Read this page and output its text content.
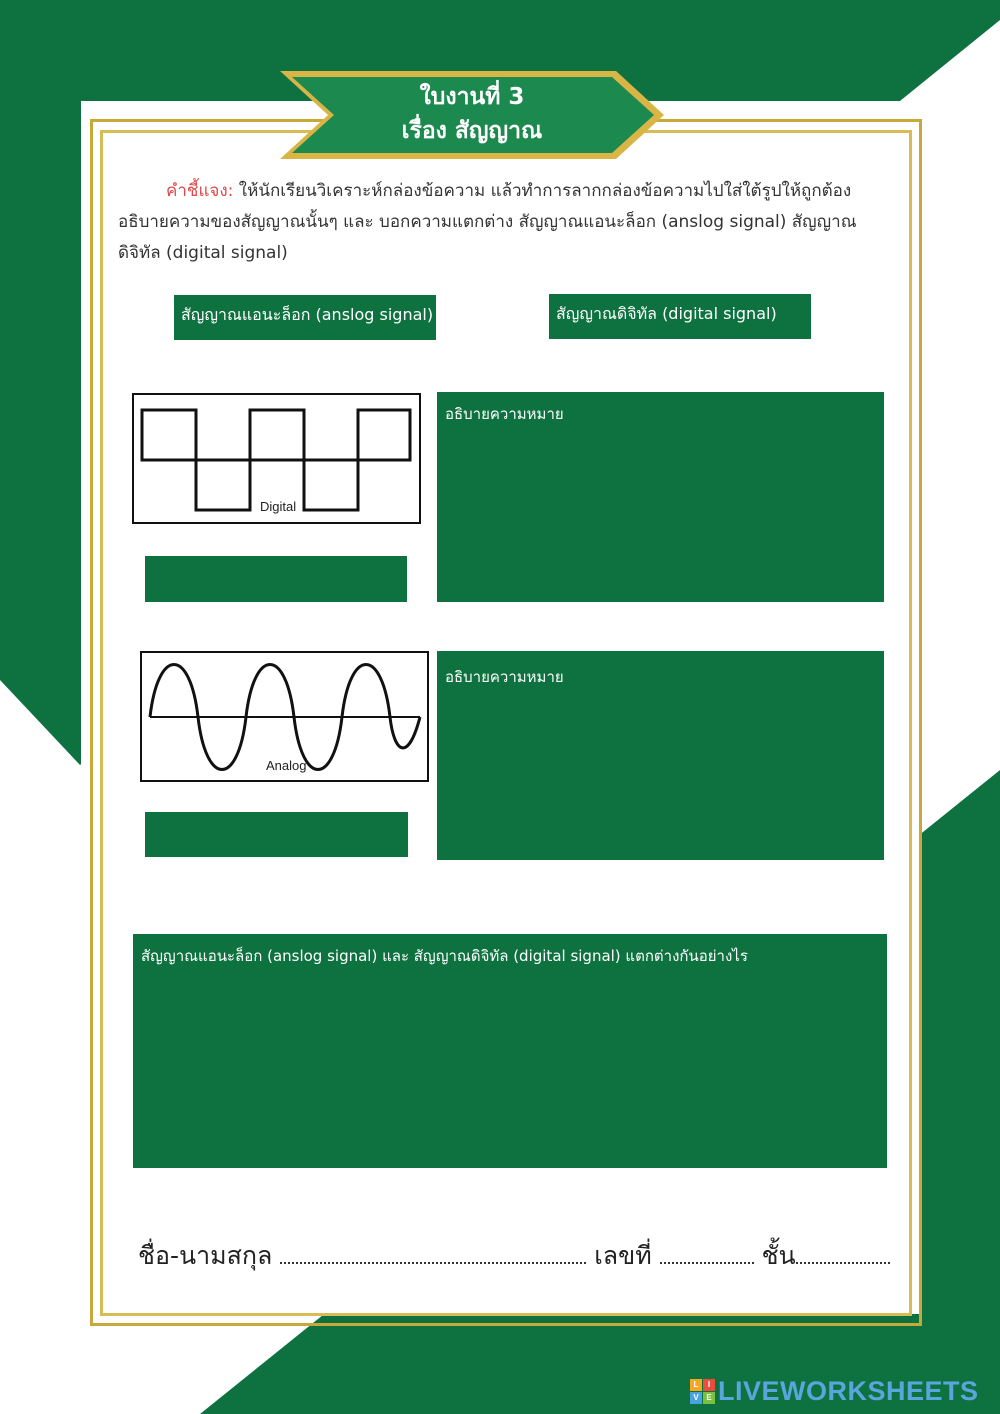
ใบงานที่ 3
เรื่อง สัญญาณ
คำชี้แจง: ให้นักเรียนวิเคราะห์กล่องข้อความ แล้วทำการลากกล่องข้อความไปใส่ใต้รูปให้ถูกต้อง อธิบายความของสัญญาณนั้นๆ และ บอกความแตกต่าง สัญญาณแอนะล็อก (anslog signal) สัญญาณดิจิทัล (digital signal)
สัญญาณแอนะล็อก (anslog signal)	สัญญาณดิจิทัล (digital signal)
Digital
อธิบายความหมาย
Analog
อธิบายความหมาย
สัญญาณแอนะล็อก (anslog signal) และ สัญญาณดิจิทัล (digital signal) แตกต่างกันอย่างไร
ชื่อ-นามสกุล	เลขที่	ชั้น
L	I
V E LIVEWORKSHEETS
